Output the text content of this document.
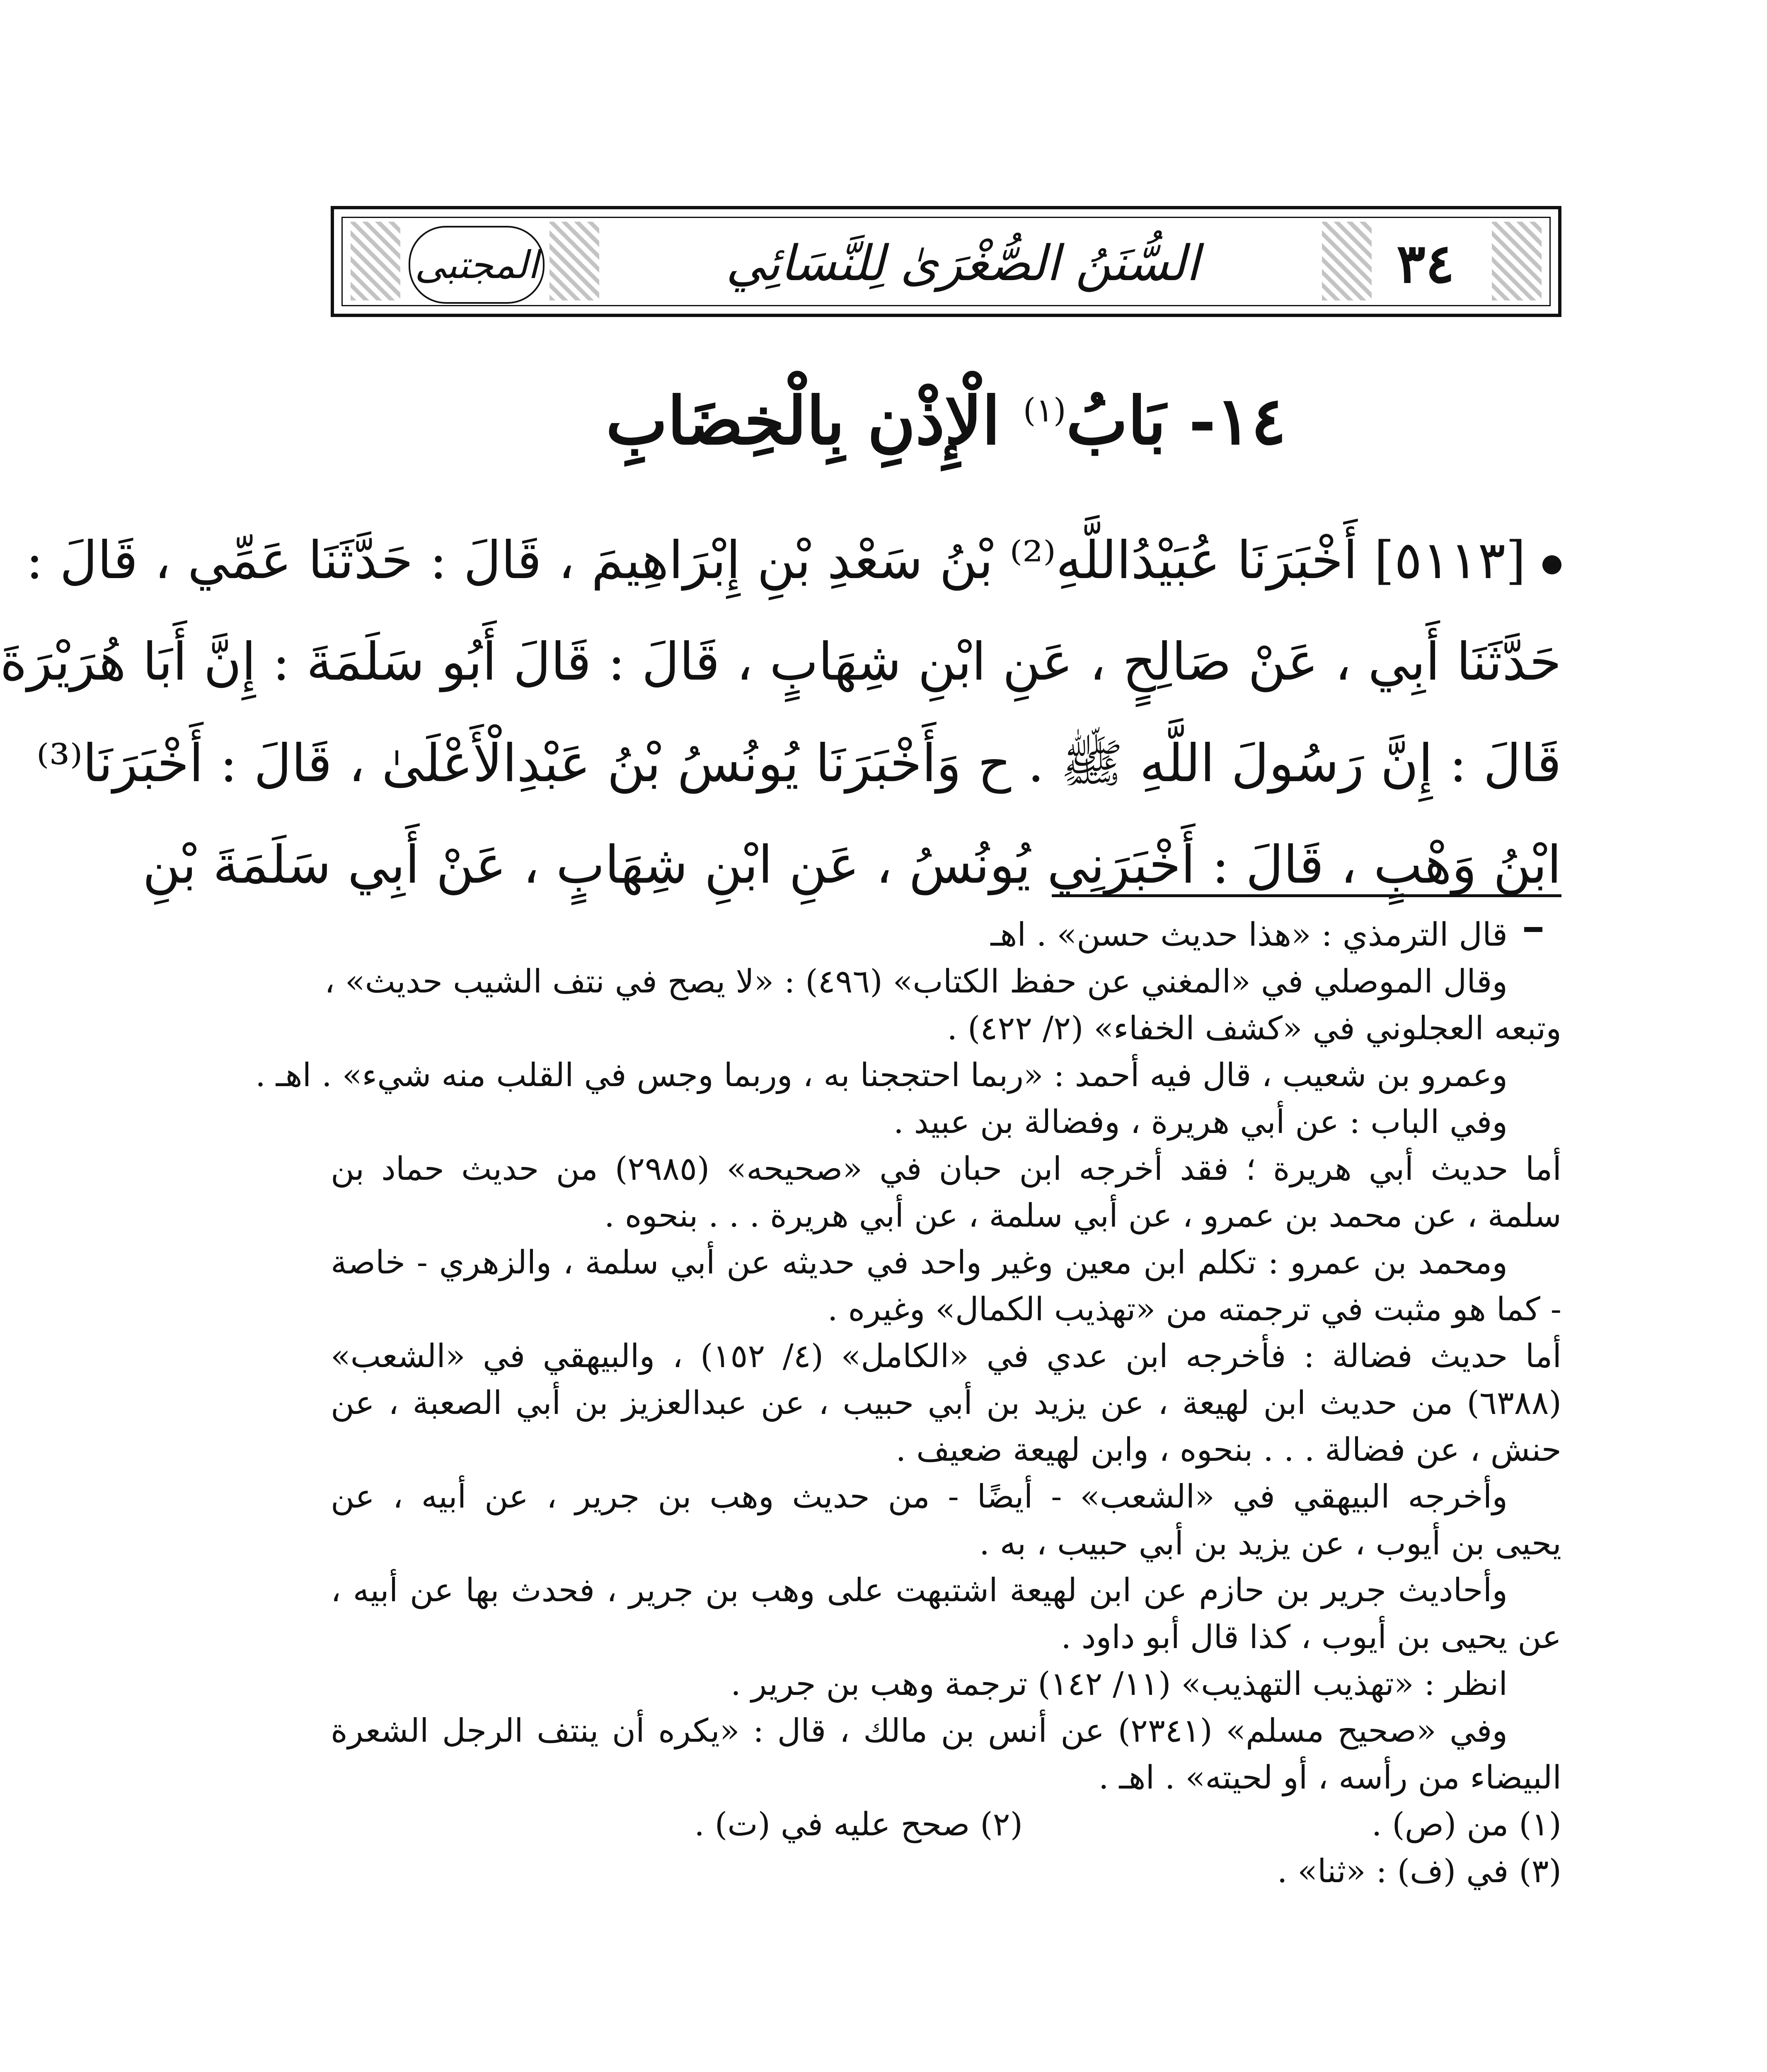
المجتبى	السُّنَنُ الصُّغْرَىٰ لِلنَّسَائِي	٣٤
١٤- بَابُ$^{(١)}$ الْإِذْنِ بِالْخِضَابِ
[٥١١٣] أَخْبَرَنَا عُبَيْدُاللَّهِ⁽²⁾ بْنُ سَعْدِ بْنِ إِبْرَاهِيمَ ، قَالَ : حَدَّثَنَا عَمِّي ، قَالَ :
حَدَّثَنَا أَبِي ، عَنْ صَالِحٍ ، عَنِ ابْنِ شِهَابٍ ، قَالَ : قَالَ أَبُو سَلَمَةَ : إِنَّ أَبَا هُرَيْرَةَ
قَالَ : إِنَّ رَسُولَ اللَّهِ ﷺ . ح وَأَخْبَرَنَا يُونُسُ بْنُ عَبْدِالْأَعْلَىٰ ، قَالَ : أَخْبَرَنَا⁽³⁾
ابْنُ وَهْبٍ ، قَالَ : أَخْبَرَنِي يُونُسُ ، عَنِ ابْنِ شِهَابٍ ، عَنْ أَبِي سَلَمَةَ بْنِ
قال الترمذي : «هذا حديث حسن» . اهـ
وقال الموصلي في «المغني عن حفظ الكتاب» (٤٩٦) : «لا يصح في نتف الشيب حديث» ،
وتبعه العجلوني في «كشف الخفاء» (٢/ ٤٢٢) .
وعمرو بن شعيب ، قال فيه أحمد : «ربما احتججنا به ، وربما وجس في القلب منه شيء» . اهـ .
وفي الباب : عن أبي هريرة ، وفضالة بن عبيد .
أما حديث أبي هريرة ؛ فقد أخرجه ابن حبان في «صحيحه» (٢٩٨٥) من حديث حماد بن
سلمة ، عن محمد بن عمرو ، عن أبي سلمة ، عن أبي هريرة . . . بنحوه .
ومحمد بن عمرو : تكلم ابن معين وغير واحد في حديثه عن أبي سلمة ، والزهري - خاصة
- كما هو مثبت في ترجمته من «تهذيب الكمال» وغيره .
أما حديث فضالة : فأخرجه ابن عدي في «الكامل» (٤/ ١٥٢) ، والبيهقي في «الشعب»
(٦٣٨٨) من حديث ابن لهيعة ، عن يزيد بن أبي حبيب ، عن عبدالعزيز بن أبي الصعبة ، عن
حنش ، عن فضالة . . . بنحوه ، وابن لهيعة ضعيف .
وأخرجه البيهقي في «الشعب» - أيضًا - من حديث وهب بن جرير ، عن أبيه ، عن
يحيى بن أيوب ، عن يزيد بن أبي حبيب ، به .
وأحاديث جرير بن حازم عن ابن لهيعة اشتبهت على وهب بن جرير ، فحدث بها عن أبيه ،
عن يحيى بن أيوب ، كذا قال أبو داود .
انظر : «تهذيب التهذيب» (١١/ ١٤٢) ترجمة وهب بن جرير .
وفي «صحيح مسلم» (٢٣٤١) عن أنس بن مالك ، قال : «يكره أن ينتف الرجل الشعرة
البيضاء من رأسه ، أو لحيته» . اهـ .
(١) من (ص) .
(٢) صحح عليه في (ت) .
(٣) في (ف) : «ثنا» .
